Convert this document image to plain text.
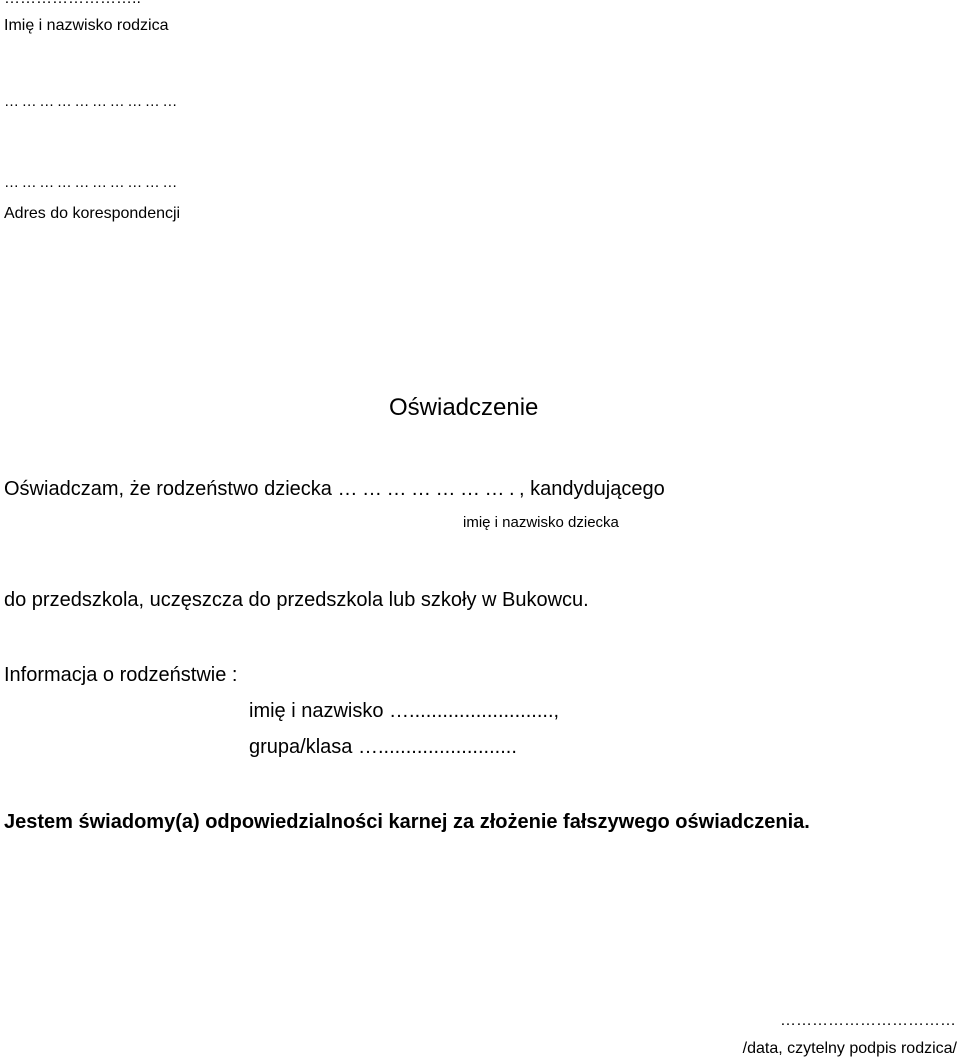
Imię i nazwisko rodzica
…………………………
…………………………
Adres do korespondencji
Oświadczenie
Oświadczam, że rodzeństwo dziecka …………………., kandydującego
imię i nazwisko dziecka
do przedszkola, uczęszcza do przedszkola lub szkoły w Bukowcu.
Informacja o rodzeństwie :
imię i nazwisko …..........................,
grupa/klasa ….........................
Jestem świadomy(a) odpowiedzialności karnej za złożenie fałszywego oświadczenia.
……………………………
/data, czytelny podpis rodzica/
